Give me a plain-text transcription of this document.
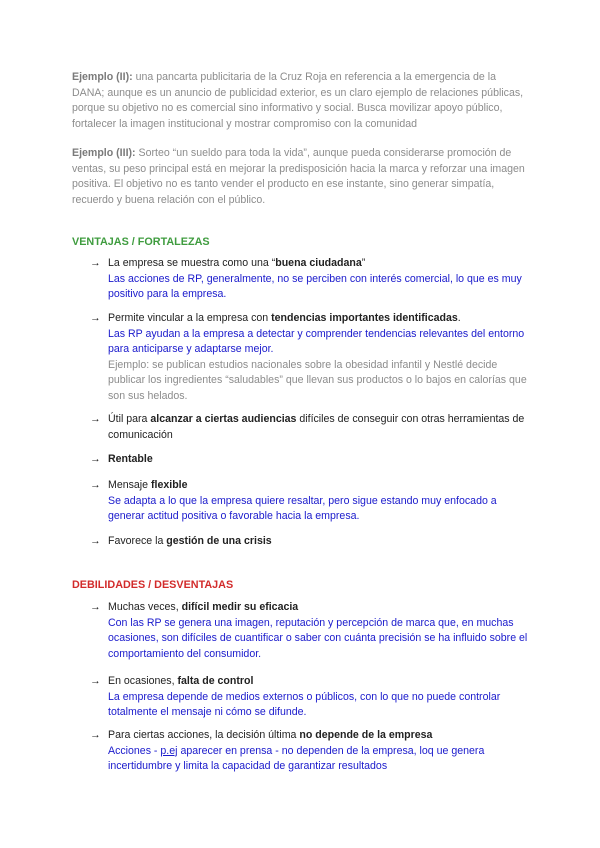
Ejemplo (II): una pancarta publicitaria de la Cruz Roja en referencia a la emergencia de la DANA; aunque es un anuncio de publicidad exterior, es un claro ejemplo de relaciones públicas, porque su objetivo no es comercial sino informativo y social. Busca movilizar apoyo público, fortalecer la imagen institucional y mostrar compromiso con la comunidad
Ejemplo (III): Sorteo “un sueldo para toda la vida”, aunque pueda considerarse promoción de ventas, su peso principal está en mejorar la predisposición hacia la marca y reforzar una imagen positiva. El objetivo no es tanto vender el producto en ese instante, sino generar simpatía, recuerdo y buena relación con el público.
VENTAJAS / FORTALEZAS
→ La empresa se muestra como una “buena ciudadana”
Las acciones de RP, generalmente, no se perciben con interés comercial, lo que es muy positivo para la empresa.
→ Permite vincular a la empresa con tendencias importantes identificadas.
Las RP ayudan a la empresa a detectar y comprender tendencias relevantes del entorno para anticiparse y adaptarse mejor.
Ejemplo: se publican estudios nacionales sobre la obesidad infantil y Nestlé decide publicar los ingredientes “saludables” que llevan sus productos o lo bajos en calorías que son sus helados.
→ Útil para alcanzar a ciertas audiencias difíciles de conseguir con otras herramientas de comunicación
→ Rentable
→ Mensaje flexible
Se adapta a lo que la empresa quiere resaltar, pero sigue estando muy enfocado a generar actitud positiva o favorable hacia la empresa.
→ Favorece la gestión de una crisis
DEBILIDADES / DESVENTAJAS
→ Muchas veces, difícil medir su eficacia
Con las RP se genera una imagen, reputación y percepción de marca que, en muchas ocasiones, son difíciles de cuantificar o saber con cuánta precisión se ha influido sobre el comportamiento del consumidor.
→ En ocasiones, falta de control
La empresa depende de medios externos o públicos, con lo que no puede controlar totalmente el mensaje ni cómo se difunde.
→ Para ciertas acciones, la decisión última no depende de la empresa
Acciones - p.ej aparecer en prensa - no dependen de la empresa, loq ue genera incertidumbre y limita la capacidad de garantizar resultados
